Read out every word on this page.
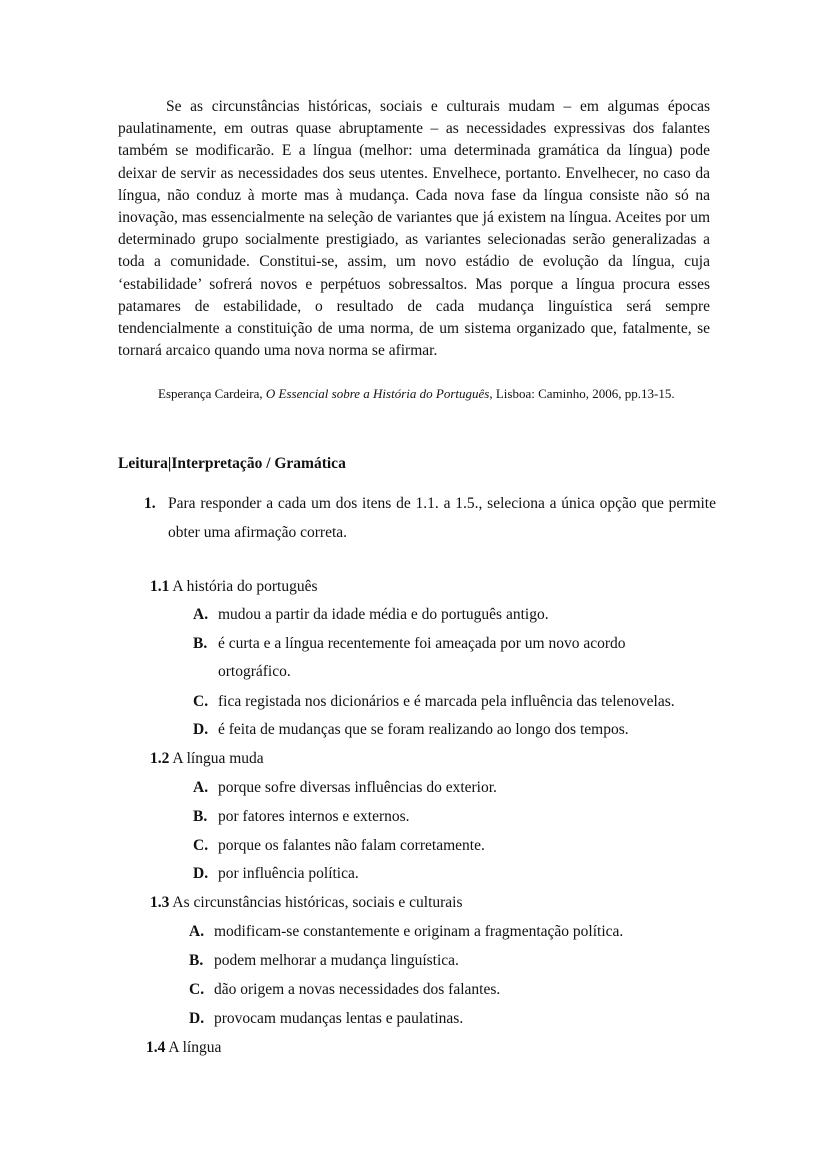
Se as circunstâncias históricas, sociais e culturais mudam – em algumas épocas paulatinamente, em outras quase abruptamente – as necessidades expressivas dos falantes também se modificarão. E a língua (melhor: uma determinada gramática da língua) pode deixar de servir as necessidades dos seus utentes. Envelhece, portanto. Envelhecer, no caso da língua, não conduz à morte mas à mudança. Cada nova fase da língua consiste não só na inovação, mas essencialmente na seleção de variantes que já existem na língua. Aceites por um determinado grupo socialmente prestigiado, as variantes selecionadas serão generalizadas a toda a comunidade. Constitui-se, assim, um novo estádio de evolução da língua, cuja ‘estabilidade’ sofrerá novos e perpétuos sobressaltos. Mas porque a língua procura esses patamares de estabilidade, o resultado de cada mudança linguística será sempre tendencialmente a constituição de uma norma, de um sistema organizado que, fatalmente, se tornará arcaico quando uma nova norma se afirmar.

Esperança Cardeira, O Essencial sobre a História do Português, Lisboa: Caminho, 2006, pp.13-15.

Leitura|Interpretação / Gramática

1. Para responder a cada um dos itens de 1.1. a 1.5., seleciona a única opção que permite obter uma afirmação correta.

1.1 A história do português

A. mudou a partir da idade média e do português antigo.

B. é curta e a língua recentemente foi ameaçada por um novo acordo
ortográfico.

C. fica registada nos dicionários e é marcada pela influência das telenovelas.

D. é feita de mudanças que se foram realizando ao longo dos tempos.

1.2 A língua muda

A. porque sofre diversas influências do exterior.

B. por fatores internos e externos.

C. porque os falantes não falam corretamente.

D. por influência política.

1.3 As circunstâncias históricas, sociais e culturais

A. modificam-se constantemente e originam a fragmentação política.

B. podem melhorar a mudança linguística.

C. dão origem a novas necessidades dos falantes.

D. provocam mudanças lentas e paulatinas.

1.4 A língua
